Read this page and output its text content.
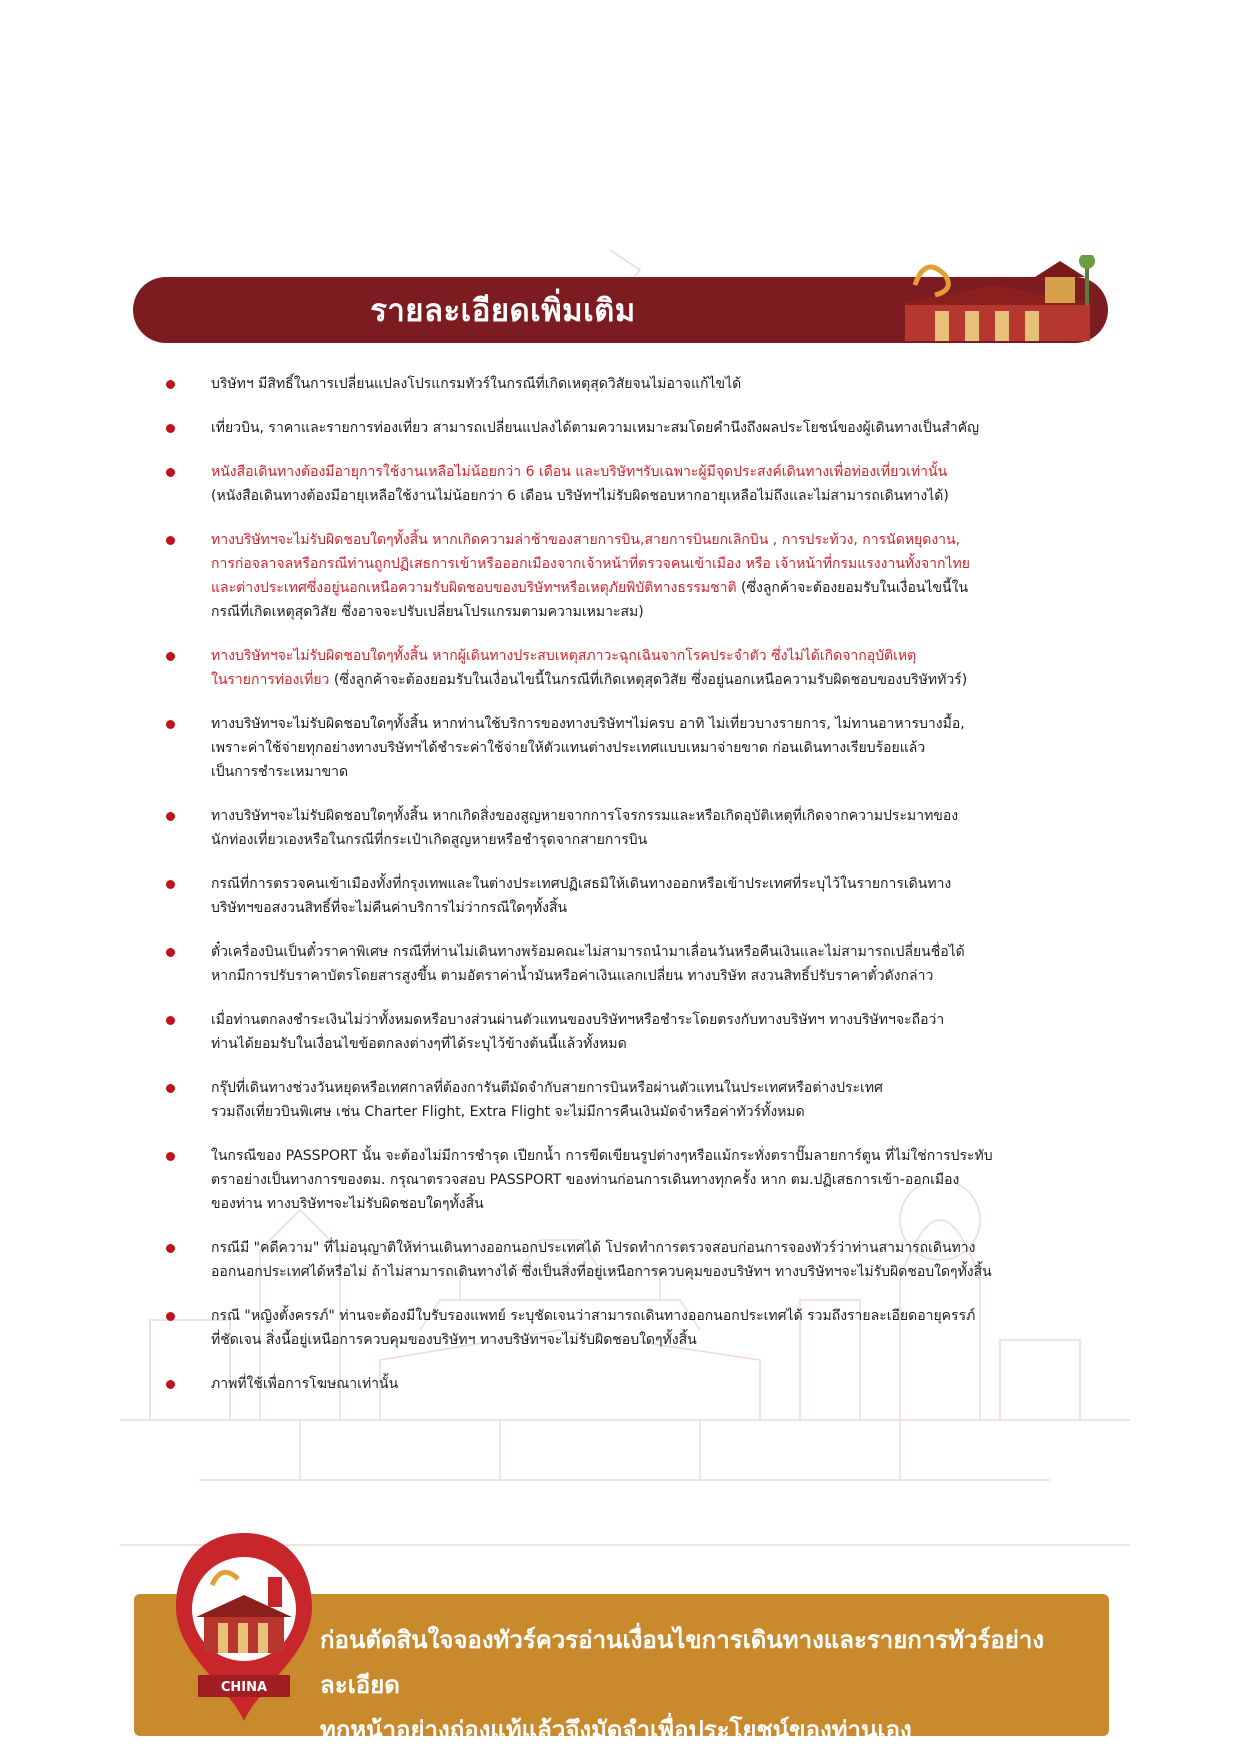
รายละเอียดเพิ่มเติม
บริษัทฯ มีสิทธิ์ในการเปลี่ยนแปลงโปรแกรมทัวร์ในกรณีที่เกิดเหตุสุดวิสัยจนไม่อาจแก้ไขได้
เที่ยวบิน, ราคาและรายการท่องเที่ยว สามารถเปลี่ยนแปลงได้ตามความเหมาะสมโดยคำนึงถึงผลประโยชน์ของผู้เดินทางเป็นสำคัญ
หนังสือเดินทางต้องมีอายุการใช้งานเหลือไม่น้อยกว่า 6 เดือน และบริษัทฯรับเฉพาะผู้มีจุดประสงค์เดินทางเพื่อท่องเที่ยวเท่านั้น
(หนังสือเดินทางต้องมีอายุเหลือใช้งานไม่น้อยกว่า 6 เดือน บริษัทฯไม่รับผิดชอบหากอายุเหลือไม่ถึงและไม่สามารถเดินทางได้)
ทางบริษัทฯจะไม่รับผิดชอบใดๆทั้งสิ้น หากเกิดความล่าช้าของสายการบิน,สายการบินยกเลิกบิน , การประท้วง, การนัดหยุดงาน,
การก่อจลาจลหรือกรณีท่านถูกปฏิเสธการเข้าหรือออกเมืองจากเจ้าหน้าที่ตรวจคนเข้าเมือง หรือ เจ้าหน้าที่กรมแรงงานทั้งจากไทย
และต่างประเทศซึ่งอยู่นอกเหนือความรับผิดชอบของบริษัทฯหรือเหตุภัยพิบัติทางธรรมชาติ (ซึ่งลูกค้าจะต้องยอมรับในเงื่อนไขนี้ใน
กรณีที่เกิดเหตุสุดวิสัย ซึ่งอาจจะปรับเปลี่ยนโปรแกรมตามความเหมาะสม)
ทางบริษัทฯจะไม่รับผิดชอบใดๆทั้งสิ้น หากผู้เดินทางประสบเหตุสภาวะฉุกเฉินจากโรคประจำตัว ซึ่งไม่ได้เกิดจากอุบัติเหตุ
ในรายการท่องเที่ยว (ซึ่งลูกค้าจะต้องยอมรับในเงื่อนไขนี้ในกรณีที่เกิดเหตุสุดวิสัย ซึ่งอยู่นอกเหนือความรับผิดชอบของบริษัททัวร์)
ทางบริษัทฯจะไม่รับผิดชอบใดๆทั้งสิ้น หากท่านใช้บริการของทางบริษัทฯไม่ครบ อาทิ ไม่เที่ยวบางรายการ, ไม่ทานอาหารบางมื้อ,
เพราะค่าใช้จ่ายทุกอย่างทางบริษัทฯได้ชำระค่าใช้จ่ายให้ตัวแทนต่างประเทศแบบเหมาจ่ายขาด ก่อนเดินทางเรียบร้อยแล้ว
เป็นการชำระเหมาขาด
ทางบริษัทฯจะไม่รับผิดชอบใดๆทั้งสิ้น หากเกิดสิ่งของสูญหายจากการโจรกรรมและหรือเกิดอุบัติเหตุที่เกิดจากความประมาทของ
นักท่องเที่ยวเองหรือในกรณีที่กระเป๋าเกิดสูญหายหรือชำรุดจากสายการบิน
กรณีที่การตรวจคนเข้าเมืองทั้งที่กรุงเทพและในต่างประเทศปฏิเสธมิให้เดินทางออกหรือเข้าประเทศที่ระบุไว้ในรายการเดินทาง
บริษัทฯขอสงวนสิทธิ์ที่จะไม่คืนค่าบริการไม่ว่ากรณีใดๆทั้งสิ้น
ตั๋วเครื่องบินเป็นตั๋วราคาพิเศษ กรณีที่ท่านไม่เดินทางพร้อมคณะไม่สามารถนำมาเลื่อนวันหรือคืนเงินและไม่สามารถเปลี่ยนชื่อได้
หากมีการปรับราคาบัตรโดยสารสูงขึ้น ตามอัตราค่าน้ำมันหรือค่าเงินแลกเปลี่ยน ทางบริษัท สงวนสิทธิ์ปรับราคาตั๋วดังกล่าว
เมื่อท่านตกลงชำระเงินไม่ว่าทั้งหมดหรือบางส่วนผ่านตัวแทนของบริษัทฯหรือชำระโดยตรงกับทางบริษัทฯ ทางบริษัทฯจะถือว่า
ท่านได้ยอมรับในเงื่อนไขข้อตกลงต่างๆที่ได้ระบุไว้ข้างต้นนี้แล้วทั้งหมด
กรุ๊ปที่เดินทางช่วงวันหยุดหรือเทศกาลที่ต้องการันตีมัดจำกับสายการบินหรือผ่านตัวแทนในประเทศหรือต่างประเทศ
รวมถึงเที่ยวบินพิเศษ เช่น Charter Flight, Extra Flight จะไม่มีการคืนเงินมัดจำหรือค่าทัวร์ทั้งหมด
ในกรณีของ PASSPORT นั้น จะต้องไม่มีการชำรุด เปียกน้ำ การขีดเขียนรูปต่างๆหรือแม้กระทั่งตราปั๊มลายการ์ตูน ที่ไม่ใช่การประทับ
ตราอย่างเป็นทางการของตม. กรุณาตรวจสอบ PASSPORT ของท่านก่อนการเดินทางทุกครั้ง หาก ตม.ปฏิเสธการเข้า-ออกเมือง
ของท่าน ทางบริษัทฯจะไม่รับผิดชอบใดๆทั้งสิ้น
กรณีมี "คดีความ" ที่ไม่อนุญาติให้ท่านเดินทางออกนอกประเทศได้ โปรดทำการตรวจสอบก่อนการจองทัวร์ว่าท่านสามารถเดินทาง
ออกนอกประเทศได้หรือไม่ ถ้าไม่สามารถเดินทางได้ ซึ่งเป็นสิ่งที่อยู่เหนือการควบคุมของบริษัทฯ ทางบริษัทฯจะไม่รับผิดชอบใดๆทั้งสิ้น
กรณี "หญิงตั้งครรภ์" ท่านจะต้องมีใบรับรองแพทย์ ระบุชัดเจนว่าสามารถเดินทางออกนอกประเทศได้ รวมถึงรายละเอียดอายุครรภ์
ที่ชัดเจน สิ่งนี้อยู่เหนือการควบคุมของบริษัทฯ ทางบริษัทฯจะไม่รับผิดชอบใดๆทั้งสิ้น
ภาพที่ใช้เพื่อการโฆษณาเท่านั้น
ก่อนตัดสินใจจองทัวร์ควรอ่านเงื่อนไขการเดินทางและรายการทัวร์อย่างละเอียด
ทุกหน้าอย่างถ่องแท้แล้วจึงมัดจำเพื่อประโยชน์ของท่านเอง
CHINA
